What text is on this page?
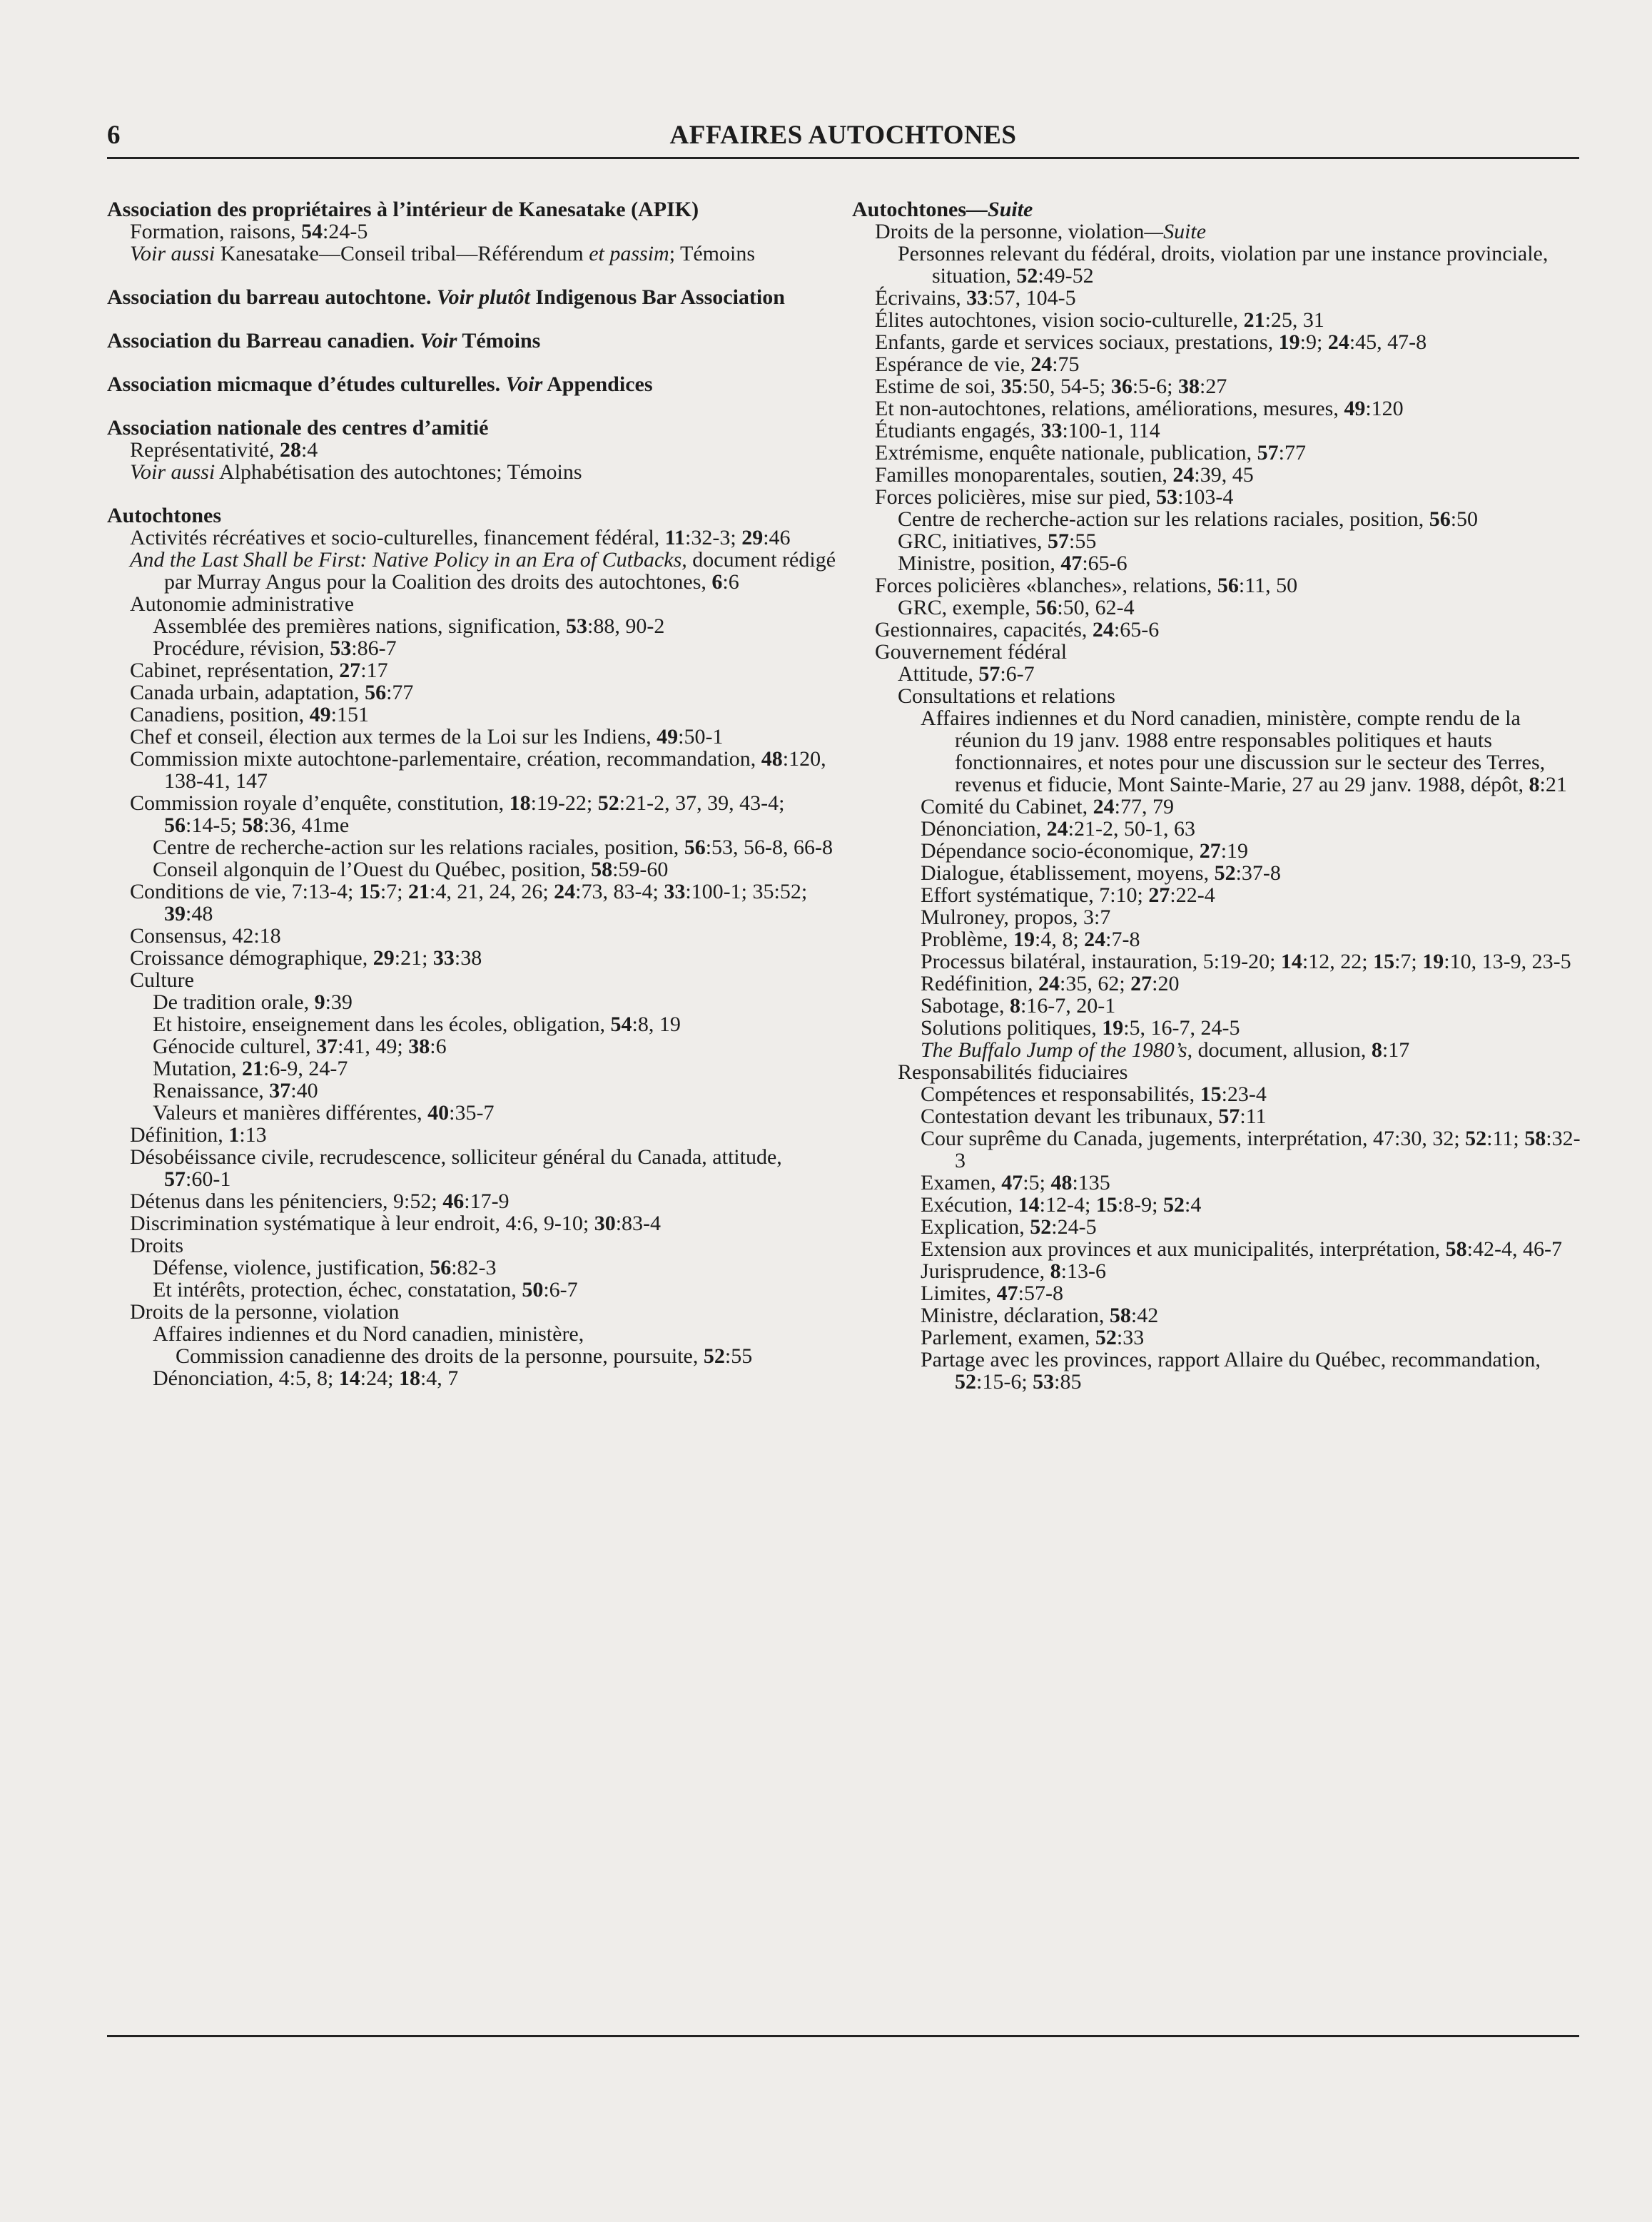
6	AFFAIRES AUTOCHTONES
Association des propriétaires à l’intérieur de Kanesatake (APIK)
Formation, raisons, 54:24-5
Voir aussi Kanesatake—Conseil tribal—Référendum et passim; Témoins
Association du barreau autochtone. Voir plutôt Indigenous Bar Association
Association du Barreau canadien. Voir Témoins
Association micmaque d’études culturelles. Voir Appendices
Association nationale des centres d’amitié
Représentativité, 28:4
Voir aussi Alphabétisation des autochtones; Témoins
Autochtones
Activités récréatives et socio-culturelles, financement fédéral, 11:32-3; 29:46
And the Last Shall be First: Native Policy in an Era of Cutbacks, document rédigé par Murray Angus pour la Coalition des droits des autochtones, 6:6
Autonomie administrative
Assemblée des premières nations, signification, 53:88, 90-2
Procédure, révision, 53:86-7
Cabinet, représentation, 27:17
Canada urbain, adaptation, 56:77
Canadiens, position, 49:151
Chef et conseil, élection aux termes de la Loi sur les Indiens, 49:50-1
Commission mixte autochtone-parlementaire, création, recommandation, 48:120, 138-41, 147
Commission royale d’enquête, constitution, 18:19-22; 52:21-2, 37, 39, 43-4; 56:14-5; 58:36, 41me
Centre de recherche-action sur les relations raciales, position, 56:53, 56-8, 66-8
Conseil algonquin de l’Ouest du Québec, position, 58:59-60
Conditions de vie, 7:13-4; 15:7; 21:4, 21, 24, 26; 24:73, 83-4; 33:100-1; 35:52; 39:48
Consensus, 42:18
Croissance démographique, 29:21; 33:38
Culture
De tradition orale, 9:39
Et histoire, enseignement dans les écoles, obligation, 54:8, 19
Génocide culturel, 37:41, 49; 38:6
Mutation, 21:6-9, 24-7
Renaissance, 37:40
Valeurs et manières différentes, 40:35-7
Définition, 1:13
Désobéissance civile, recrudescence, solliciteur général du Canada, attitude, 57:60-1
Détenus dans les pénitenciers, 9:52; 46:17-9
Discrimination systématique à leur endroit, 4:6, 9-10; 30:83-4
Droits
Défense, violence, justification, 56:82-3
Et intérêts, protection, échec, constatation, 50:6-7
Droits de la personne, violation
Affaires indiennes et du Nord canadien, ministère,
Commission canadienne des droits de la personne, poursuite, 52:55
Dénonciation, 4:5, 8; 14:24; 18:4, 7
Autochtones—Suite
Droits de la personne, violation—Suite
Personnes relevant du fédéral, droits, violation par une instance provinciale, situation, 52:49-52
Écrivains, 33:57, 104-5
Élites autochtones, vision socio-culturelle, 21:25, 31
Enfants, garde et services sociaux, prestations, 19:9; 24:45, 47-8
Espérance de vie, 24:75
Estime de soi, 35:50, 54-5; 36:5-6; 38:27
Et non-autochtones, relations, améliorations, mesures, 49:120
Étudiants engagés, 33:100-1, 114
Extrémisme, enquête nationale, publication, 57:77
Familles monoparentales, soutien, 24:39, 45
Forces policières, mise sur pied, 53:103-4
Centre de recherche-action sur les relations raciales, position, 56:50
GRC, initiatives, 57:55
Ministre, position, 47:65-6
Forces policières «blanches», relations, 56:11, 50
GRC, exemple, 56:50, 62-4
Gestionnaires, capacités, 24:65-6
Gouvernement fédéral
Attitude, 57:6-7
Consultations et relations
Affaires indiennes et du Nord canadien, ministère, compte rendu de la réunion du 19 janv. 1988 entre responsables politiques et hauts fonctionnaires, et notes pour une discussion sur le secteur des Terres, revenus et fiducie, Mont Sainte-Marie, 27 au 29 janv. 1988, dépôt, 8:21
Comité du Cabinet, 24:77, 79
Dénonciation, 24:21-2, 50-1, 63
Dépendance socio-économique, 27:19
Dialogue, établissement, moyens, 52:37-8
Effort systématique, 7:10; 27:22-4
Mulroney, propos, 3:7
Problème, 19:4, 8; 24:7-8
Processus bilatéral, instauration, 5:19-20; 14:12, 22; 15:7; 19:10, 13-9, 23-5
Redéfinition, 24:35, 62; 27:20
Sabotage, 8:16-7, 20-1
Solutions politiques, 19:5, 16-7, 24-5
The Buffalo Jump of the 1980’s, document, allusion, 8:17
Responsabilités fiduciaires
Compétences et responsabilités, 15:23-4
Contestation devant les tribunaux, 57:11
Cour suprême du Canada, jugements, interprétation, 47:30, 32; 52:11; 58:32-3
Examen, 47:5; 48:135
Exécution, 14:12-4; 15:8-9; 52:4
Explication, 52:24-5
Extension aux provinces et aux municipalités, interprétation, 58:42-4, 46-7
Jurisprudence, 8:13-6
Limites, 47:57-8
Ministre, déclaration, 58:42
Parlement, examen, 52:33
Partage avec les provinces, rapport Allaire du Québec, recommandation, 52:15-6; 53:85
